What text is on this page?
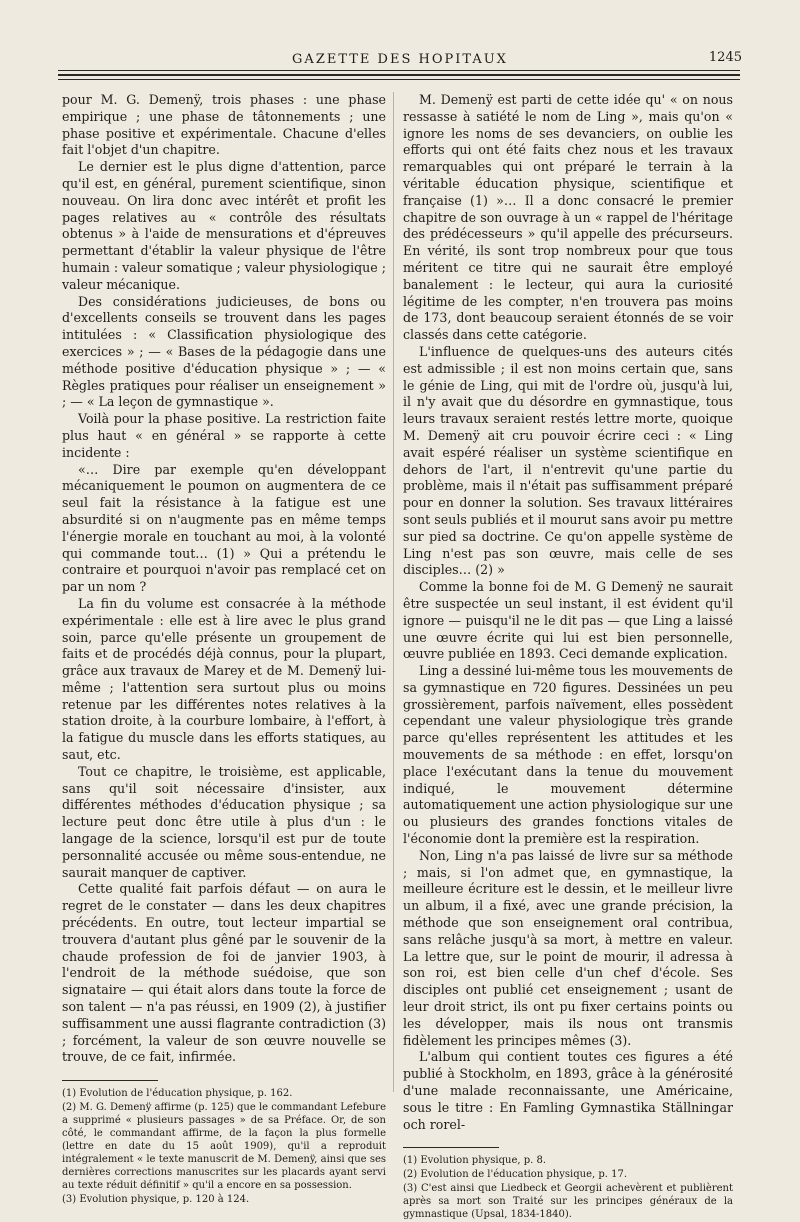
GAZETTE DES HOPITAUX	1245

pour M. G. Demenÿ, trois phases : une phase empirique ; une phase de tâtonnements ; une phase positive et expérimentale. Chacune d'elles fait l'objet d'un chapitre.

Le dernier est le plus digne d'attention, parce qu'il est, en général, purement scientifique, sinon nouveau. On lira donc avec intérêt et profit les pages relatives au « contrôle des résultats obtenus » à l'aide de mensurations et d'épreuves permettant d'établir la valeur physique de l'être humain : valeur somatique ; valeur physiologique ; valeur mécanique.

Des considérations judicieuses, de bons ou d'excellents conseils se trouvent dans les pages intitulées : « Classification physiologique des exercices » ; — « Bases de la pédagogie dans une méthode positive d'éducation physique » ; — « Règles pratiques pour réaliser un enseignement » ; — « La leçon de gymnastique ».

Voilà pour la phase positive. La restriction faite plus haut « en général » se rapporte à cette incidente :

«… Dire par exemple qu'en développant mécaniquement le poumon on augmentera de ce seul fait la résistance à la fatigue est une absurdité si on n'augmente pas en même temps l'énergie morale en touchant au moi, à la volonté qui commande tout… (1) » Qui a prétendu le contraire et pourquoi n'avoir pas remplacé cet on par un nom ?

La fin du volume est consacrée à la méthode expérimentale : elle est à lire avec le plus grand soin, parce qu'elle présente un groupement de faits et de procédés déjà connus, pour la plupart, grâce aux travaux de Marey et de M. Demenÿ lui-même ; l'attention sera surtout plus ou moins retenue par les différentes notes relatives à la station droite, à la courbure lombaire, à l'effort, à la fatigue du muscle dans les efforts statiques, au saut, etc.

Tout ce chapitre, le troisième, est applicable, sans qu'il soit nécessaire d'insister, aux différentes méthodes d'éducation physique ; sa lecture peut donc être utile à plus d'un : le langage de la science, lorsqu'il est pur de toute personnalité accusée ou même sous-entendue, ne saurait manquer de captiver.

Cette qualité fait parfois défaut — on aura le regret de le constater — dans les deux chapitres précédents. En outre, tout lecteur impartial se trouvera d'autant plus gêné par le souvenir de la chaude profession de foi de janvier 1903, à l'endroit de la méthode suédoise, que son signataire — qui était alors dans toute la force de son talent — n'a pas réussi, en 1909 (2), à justifier suffisamment une aussi flagrante contradiction (3) ; forcément, la valeur de son œuvre nouvelle se trouve, de ce fait, infirmée.

(1) Evolution de l'éducation physique, p. 162.

(2) M. G. Demenÿ affirme (p. 125) que le commandant Lefebure a supprimé « plusieurs passages » de sa Préface. Or, de son côté, le commandant affirme, de la façon la plus formelle (lettre en date du 15 août 1909), qu'il a reproduit intégralement « le texte manuscrit de M. Demenÿ, ainsi que ses dernières corrections manuscrites sur les placards ayant servi au texte réduit définitif » qu'il a encore en sa possession.

(3) Evolution physique, p. 120 à 124.

M. Demenÿ est parti de cette idée qu' « on nous ressasse à satiété le nom de Ling », mais qu'on « ignore les noms de ses devanciers, on oublie les efforts qui ont été faits chez nous et les travaux remarquables qui ont préparé le terrain à la véritable éducation physique, scientifique et française (1) »… Il a donc consacré le premier chapitre de son ouvrage à un « rappel de l'héritage des prédécesseurs » qu'il appelle des précurseurs. En vérité, ils sont trop nombreux pour que tous méritent ce titre qui ne saurait être employé banalement : le lecteur, qui aura la curiosité légitime de les compter, n'en trouvera pas moins de 173, dont beaucoup seraient étonnés de se voir classés dans cette catégorie.

L'influence de quelques-uns des auteurs cités est admissible ; il est non moins certain que, sans le génie de Ling, qui mit de l'ordre où, jusqu'à lui, il n'y avait que du désordre en gymnastique, tous leurs travaux seraient restés lettre morte, quoique M. Demenÿ ait cru pouvoir écrire ceci : « Ling avait espéré réaliser un système scientifique en dehors de l'art, il n'entrevit qu'une partie du problème, mais il n'était pas suffisamment préparé pour en donner la solution. Ses travaux littéraires sont seuls publiés et il mourut sans avoir pu mettre sur pied sa doctrine. Ce qu'on appelle système de Ling n'est pas son œuvre, mais celle de ses disciples… (2) »

Comme la bonne foi de M. G Demenÿ ne saurait être suspectée un seul instant, il est évident qu'il ignore — puisqu'il ne le dit pas — que Ling a laissé une œuvre écrite qui lui est bien personnelle, œuvre publiée en 1893. Ceci demande explication.

Ling a dessiné lui-même tous les mouvements de sa gymnastique en 720 figures. Dessinées un peu grossièrement, parfois naïvement, elles possèdent cependant une valeur physiologique très grande parce qu'elles représentent les attitudes et les mouvements de sa méthode : en effet, lorsqu'on place l'exécutant dans la tenue du mouvement indiqué, le mouvement détermine automatiquement une action physiologique sur une ou plusieurs des grandes fonctions vitales de l'économie dont la première est la respiration.

Non, Ling n'a pas laissé de livre sur sa méthode ; mais, si l'on admet que, en gymnastique, la meilleure écriture est le dessin, et le meilleur livre un album, il a fixé, avec une grande précision, la méthode que son enseignement oral contribua, sans relâche jusqu'à sa mort, à mettre en valeur. La lettre que, sur le point de mourir, il adressa à son roi, est bien celle d'un chef d'école. Ses disciples ont publié cet enseignement ; usant de leur droit strict, ils ont pu fixer certains points ou les développer, mais ils nous ont transmis fidèlement les principes mêmes (3).

L'album qui contient toutes ces figures a été publié à Stockholm, en 1893, grâce à la générosité d'une malade reconnaissante, une Américaine, sous le titre : En Famling Gymnastika Ställningar och rorel-

(1) Evolution physique, p. 8.

(2) Evolution de l'éducation physique, p. 17.

(3) C'est ainsi que Liedbeck et Georgii achevèrent et publièrent après sa mort son Traité sur les principes généraux de la gymnastique (Upsal, 1834-1840).
